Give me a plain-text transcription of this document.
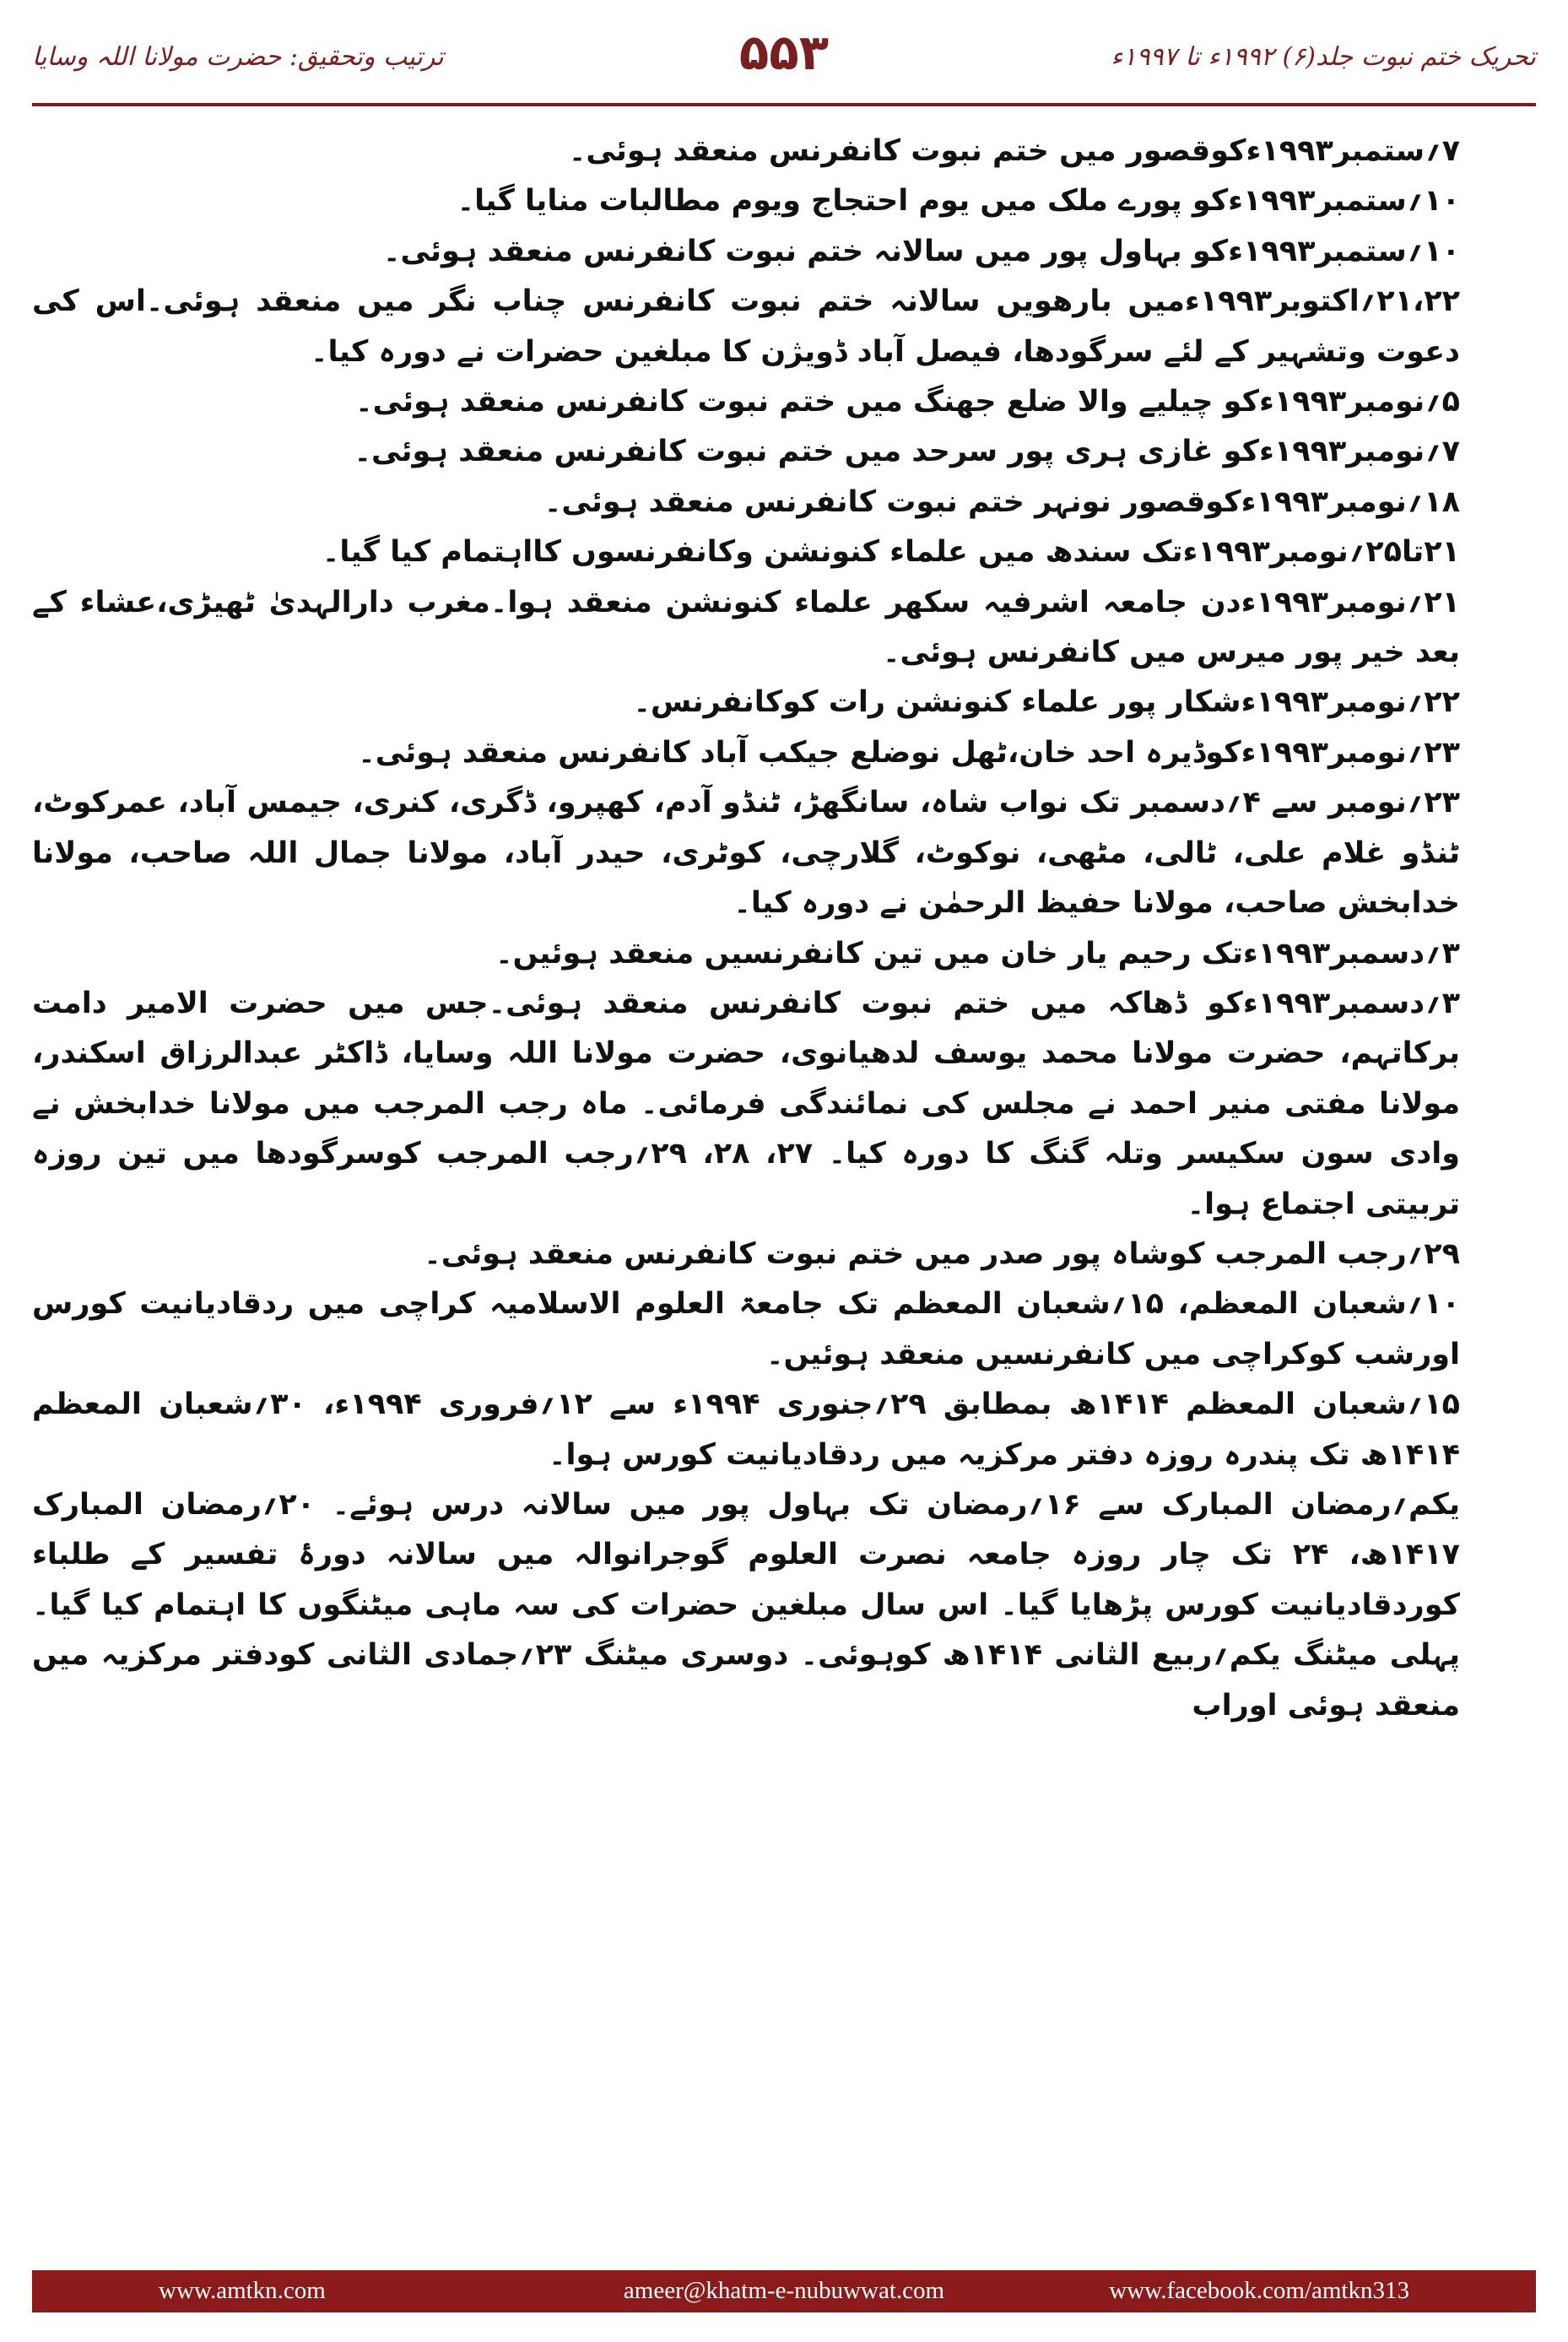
ترتیب وتحقیق: حضرت مولانا اللہ وسایا	۵۵۳	تحریک ختم نبوت جلد(۶) ۱۹۹۲ء تا ۱۹۹۷ء

۷؍ستمبر۱۹۹۳ءکوقصور میں ختم نبوت کانفرنس منعقد ہوئی۔

۱۰؍ستمبر۱۹۹۳ءکو پورے ملک میں یوم احتجاج ویوم مطالبات منایا گیا۔

۱۰؍ستمبر۱۹۹۳ءکو بہاول پور میں سالانہ ختم نبوت کانفرنس منعقد ہوئی۔

۲۱،۲۲؍اکتوبر۱۹۹۳ءمیں بارھویں سالانہ ختم نبوت کانفرنس چناب نگر میں منعقد ہوئی۔اس کی دعوت وتشہیر کے لئے سرگودھا، فیصل آباد ڈویژن کا مبلغین حضرات نے دورہ کیا۔

۵؍نومبر۱۹۹۳ءکو چیلیے والا ضلع جھنگ میں ختم نبوت کانفرنس منعقد ہوئی۔

۷؍نومبر۱۹۹۳ءکو غازی ہری پور سرحد میں ختم نبوت کانفرنس منعقد ہوئی۔

۱۸؍نومبر۱۹۹۳ءکوقصور نونہر ختم نبوت کانفرنس منعقد ہوئی۔

۲۱تا۲۵؍نومبر۱۹۹۳ءتک سندھ میں علماء کنونشن وکانفرنسوں کااہتمام کیا گیا۔

۲۱؍نومبر۱۹۹۳ءدن جامعہ اشرفیہ سکھر علماء کنونشن منعقد ہوا۔مغرب دارالہدیٰ ٹھیڑی،عشاء کے بعد خیر پور میرس میں کانفرنس ہوئی۔

۲۲؍نومبر۱۹۹۳ءشکار پور علماء کنونشن رات کوکانفرنس۔

۲۳؍نومبر۱۹۹۳ءکوڈیرہ احد خان،ٹھل نوضلع جیکب آباد کانفرنس منعقد ہوئی۔

۲۳؍نومبر سے ۴؍دسمبر تک نواب شاہ، سانگھڑ، ٹنڈو آدم، کھپرو، ڈگری، کنری، جیمس آباد، عمرکوٹ، ٹنڈو غلام علی، ٹالی، مٹھی، نوکوٹ، گلارچی، کوٹری، حیدر آباد، مولانا جمال اللہ صاحب، مولانا خدابخش صاحب، مولانا حفیظ الرحمٰن نے دورہ کیا۔

۳؍دسمبر۱۹۹۳ءتک رحیم یار خان میں تین کانفرنسیں منعقد ہوئیں۔

۳؍دسمبر۱۹۹۳ءکو ڈھاکہ میں ختم نبوت کانفرنس منعقد ہوئی۔جس میں حضرت الامیر دامت برکاتہم، حضرت مولانا محمد یوسف لدھیانوی، حضرت مولانا اللہ وسایا، ڈاکٹر عبدالرزاق اسکندر، مولانا مفتی منیر احمد نے مجلس کی نمائندگی فرمائی۔ ماہ رجب المرجب میں مولانا خدابخش نے وادی سون سکیسر وتلہ گنگ کا دورہ کیا۔ ۲۷، ۲۸، ۲۹؍رجب المرجب کوسرگودھا میں تین روزہ تربیتی اجتماع ہوا۔

۲۹؍رجب المرجب کوشاہ پور صدر میں ختم نبوت کانفرنس منعقد ہوئی۔

۱۰؍شعبان المعظم، ۱۵؍شعبان المعظم تک جامعۃ العلوم الاسلامیہ کراچی میں ردقادیانیت کورس اورشب کوکراچی میں کانفرنسیں منعقد ہوئیں۔

۱۵؍شعبان المعظم ۱۴۱۴ھ بمطابق ۲۹؍جنوری ۱۹۹۴ء سے ۱۲؍فروری ۱۹۹۴ء، ۳۰؍شعبان المعظم ۱۴۱۴ھ تک پندرہ روزہ دفتر مرکزیہ میں ردقادیانیت کورس ہوا۔

یکم؍رمضان المبارک سے ۱۶؍رمضان تک بہاول پور میں سالانہ درس ہوئے۔ ۲۰؍رمضان المبارک ۱۴۱۷ھ، ۲۴ تک چار روزہ جامعہ نصرت العلوم گوجرانوالہ میں سالانہ دورۂ تفسیر کے طلباء کوردقادیانیت کورس پڑھایا گیا۔ اس سال مبلغین حضرات کی سہ ماہی میٹنگوں کا اہتمام کیا گیا۔ پہلی میٹنگ یکم؍ربیع الثانی ۱۴۱۴ھ کوہوئی۔ دوسری میٹنگ ۲۳؍جمادی الثانی کودفتر مرکزیہ میں منعقد ہوئی اوراب

www.amtkn.com	ameer@khatm-e-nubuwwat.com	www.facebook.com/amtkn313
